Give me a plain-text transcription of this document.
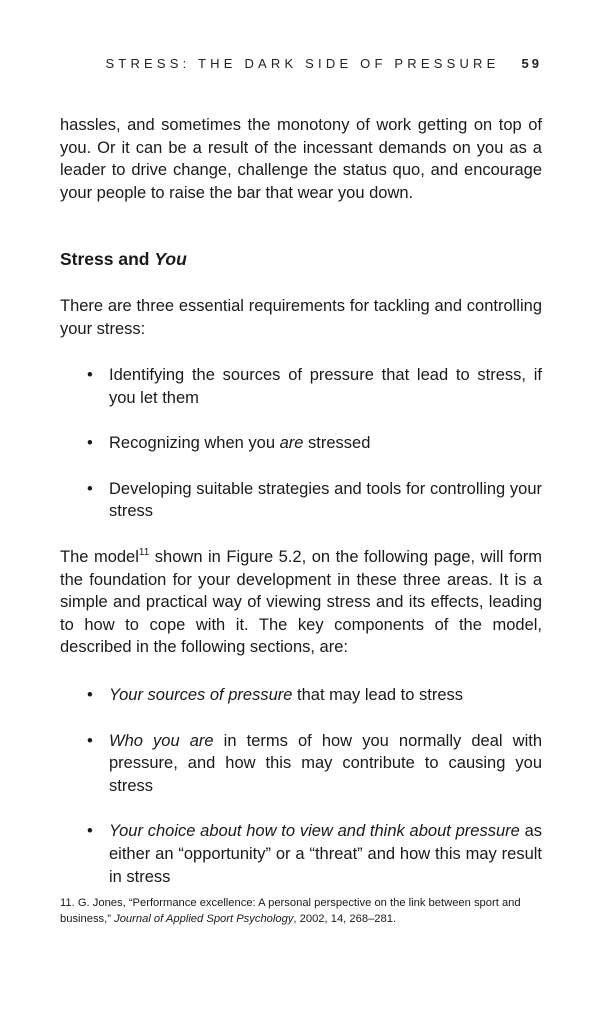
STRESS: THE DARK SIDE OF PRESSURE 59

hassles, and sometimes the monotony of work getting on top of you. Or it can be a result of the incessant demands on you as a leader to drive change, challenge the status quo, and encourage your people to raise the bar that wear you down.

Stress and You

There are three essential requirements for tackling and controlling your stress:

• Identifying the sources of pressure that lead to stress, if you let them
• Recognizing when you are stressed
• Developing suitable strategies and tools for controlling your stress

The model$^{11}$ shown in Figure 5.2, on the following page, will form the foundation for your development in these three areas. It is a simple and practical way of viewing stress and its effects, leading to how to cope with it. The key components of the model, described in the following sections, are:

• Your sources of pressure that may lead to stress
• Who you are in terms of how you normally deal with pressure, and how this may contribute to causing you stress
• Your choice about how to view and think about pressure as either an “opportunity” or a “threat” and how this may result in stress

11. G. Jones, “Performance excellence: A personal perspective on the link between sport and business,” Journal of Applied Sport Psychology, 2002, 14, 268–281.
